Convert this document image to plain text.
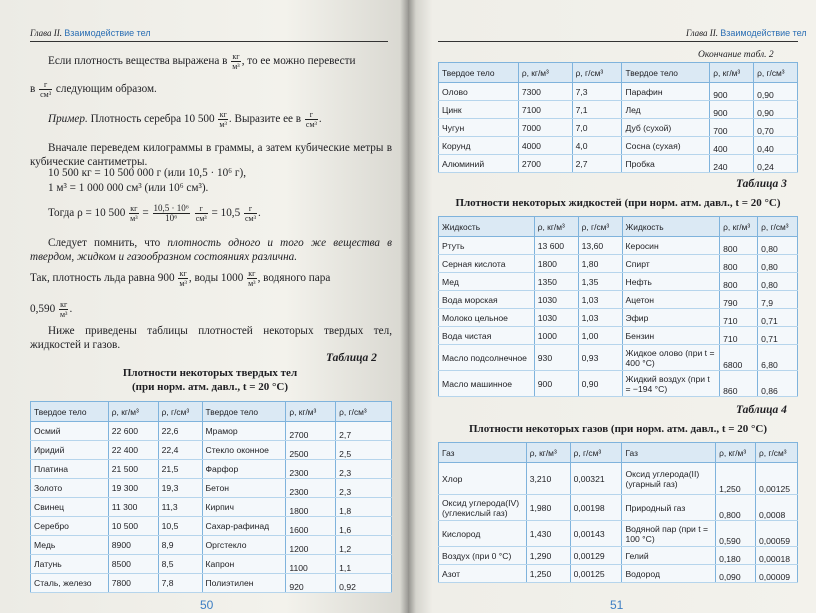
Глава II. Взаимодействие тел
Если плотность вещества выражена в $\frac{кг}{\text{м³}}$ , то ее можно перевести
в $\frac{г}{\text{см³}}$ следующим образом.
Пример. Плотность серебра 10 $500 \frac{кг}{\text{м³}}$ . Выразите ее в $\frac{г}{\text{см³}}$ .
Вначале переведем килограммы в граммы, а затем кубические метры в кубические сантиметры.
10 500 кг = 10 500 000 г (или 10,5 · 10⁶ г),
1 м³ = 1 000 000 см³ (или 10⁶ см³).
Тогда ρ = 10 $500 \frac{кг}{\text{м³}} = \frac{\text{10,5 · 10⁶}}{\text{10⁶}}$
$\frac{г}{\text{см³}} = 10,5 \frac{г}{\text{см³}}$ .
Следует помнить, что плотность одного и того же вещества в твердом, жидком и газообразном состояниях различна.
Так, плотность льда равна $900 \frac{кг}{\text{м³}}$ , воды $1000 \frac{кг}{\text{м³}}$ , водяного пара
$0,590 \frac{кг}{\text{м³}}$ .
Ниже приведены таблицы плотностей некоторых твердых тел, жидкостей и газов.
Таблица 2
Плотности некоторых твердых тел
(при норм. атм. давл., t = 20 °C)
Твердое тело	ρ, кг/м³	ρ, г/см³	Твердое тело	ρ, кг/м³	ρ, г/см³
Осмий	22 600	22,6	Мрамор	2700	2,7
Иридий	22 400	22,4	Стекло оконное	2500	2,5
Платина	21 500	21,5	Фарфор	2300	2,3
Золото	19 300	19,3	Бетон	2300	2,3
Свинец	11 300	11,3	Кирпич	1800	1,8
Серебро	10 500	10,5	Сахар-рафинад	1600	1,6
Медь	8900	8,9	Оргстекло	1200	1,2
Латунь	8500	8,5	Капрон	1100	1,1
Сталь, железо	7800	7,8	Полиэтилен	920	0,92
50
Глава II. Взаимодействие тел
Окончание табл. 2
Твердое тело	ρ, кг/м³	ρ, г/см³	Твердое тело	ρ, кг/м³	ρ, г/см³
Олово	7300	7,3	Парафин	900	0,90
Цинк	7100	7,1	Лед	900	0,90
Чугун	7000	7,0	Дуб (сухой)	700	0,70
Корунд	4000	4,0	Сосна (сухая)	400	0,40
Алюминий	2700	2,7	Пробка	240	0,24
Таблица 3
Плотности некоторых жидкостей (при норм. атм. давл., t = 20 °C)
Жидкость	ρ, кг/м³	ρ, г/см³	Жидкость	ρ, кг/м³	ρ, г/см³
Ртуть	13 600	13,60	Керосин	800	0,80
Серная кислота	1800	1,80	Спирт	800	0,80
Мед	1350	1,35	Нефть	800	0,80
Вода морская	1030	1,03	Ацетон	790	7,9
Молоко цельное	1030	1,03	Эфир	710	0,71
Вода чистая	1000	1,00	Бензин	710	0,71
Масло подсолнечное	930	0,93	Жидкое олово (при t = 400 °C)	6800	6,80
Масло машинное	900	0,90	Жидкий воздух (при t = −194 °C)	860	0,86
Таблица 4
Плотности некоторых газов (при норм. атм. давл., t = 20 °C)
Газ	ρ, кг/м³	ρ, г/см³	Газ	ρ, кг/м³	ρ, г/см³
Хлор	3,210	0,00321	Оксид углерода(II) (угарный газ)	1,250	0,00125
Оксид углерода(IV) (углекислый газ)	1,980	0,00198	Природный газ	0,800	0,0008
Кислород	1,430	0,00143	Водяной пар (при t = 100 °C)	0,590	0,00059
Воздух (при 0 °C)	1,290	0,00129	Гелий	0,180	0,00018
Азот	1,250	0,00125	Водород	0,090	0,00009
51
